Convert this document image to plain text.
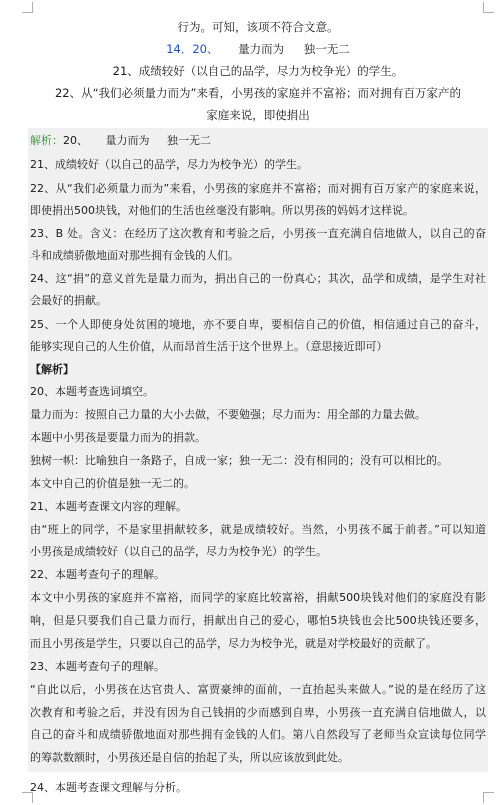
行为。可知，该项不符合文意。
14．20、 量力而为 独一无二
21、成绩较好（以自己的品学，尽力为校争光）的学生。
22、从“我们必须量力而为”来看，小男孩的家庭并不富裕；而对拥有百万家产的
家庭来说，即使捐出
解析：20、 量力而为 独一无二
21、成绩较好（以自己的品学，尽力为校争光）的学生。
22、从“我们必须量力而为”来看，小男孩的家庭并不富裕；而对拥有百万家产的家庭来说，
即使捐出500块钱，对他们的生活也丝毫没有影响。所以男孩的妈妈才这样说。
23、B 处。含义：在经历了这次教育和考验之后，小男孩一直充满自信地做人，以自己的奋
斗和成绩骄傲地面对那些拥有金钱的人们。
24、这“捐”的意义首先是量力而为，捐出自己的一份真心；其次，品学和成绩，是学生对社
会最好的捐献。
25、一个人即使身处贫困的境地，亦不要自卑，要相信自己的价值，相信通过自己的奋斗，
能够实现自己的人生价值，从而昂首生活于这个世界上。（意思接近即可）
【解析】
20、本题考查选词填空。
量力而为：按照自己力量的大小去做，不要勉强；尽力而为：用全部的力量去做。
本题中小男孩是要量力而为的捐款。
独树一帜：比喻独自一条路子，自成一家；独一无二：没有相同的；没有可以相比的。
本文中自己的价值是独一无二的。
21、本题考查课文内容的理解。
由“班上的同学，不是家里捐献较多，就是成绩较好。当然，小男孩不属于前者。”可以知道
小男孩是成绩较好（以自己的品学，尽力为校争光）的学生。
22、本题考查句子的理解。
本文中小男孩的家庭并不富裕，而同学的家庭比较富裕，捐献500块钱对他们的家庭没有影
响，但是只要我们自己量力而行，捐献出自己的爱心，哪怕5块钱也会比500块钱还要多，
而且小男孩是学生，只要以自己的品学，尽力为校争光，就是对学校最好的贡献了。
23、本题考查句子的理解。
“自此以后，小男孩在达官贵人、富贾豪绅的面前，一直抬起头来做人。”说的是在经历了这
次教育和考验之后，并没有因为自己钱捐的少而感到自卑，小男孩一直充满自信地做人，以
自己的奋斗和成绩骄傲地面对那些拥有金钱的人们。第八自然段写了老师当众宣读每位同学
的筹款数额时，小男孩还是自信的抬起了头，所以应该放到此处。
24、本题考查课文理解与分析。
